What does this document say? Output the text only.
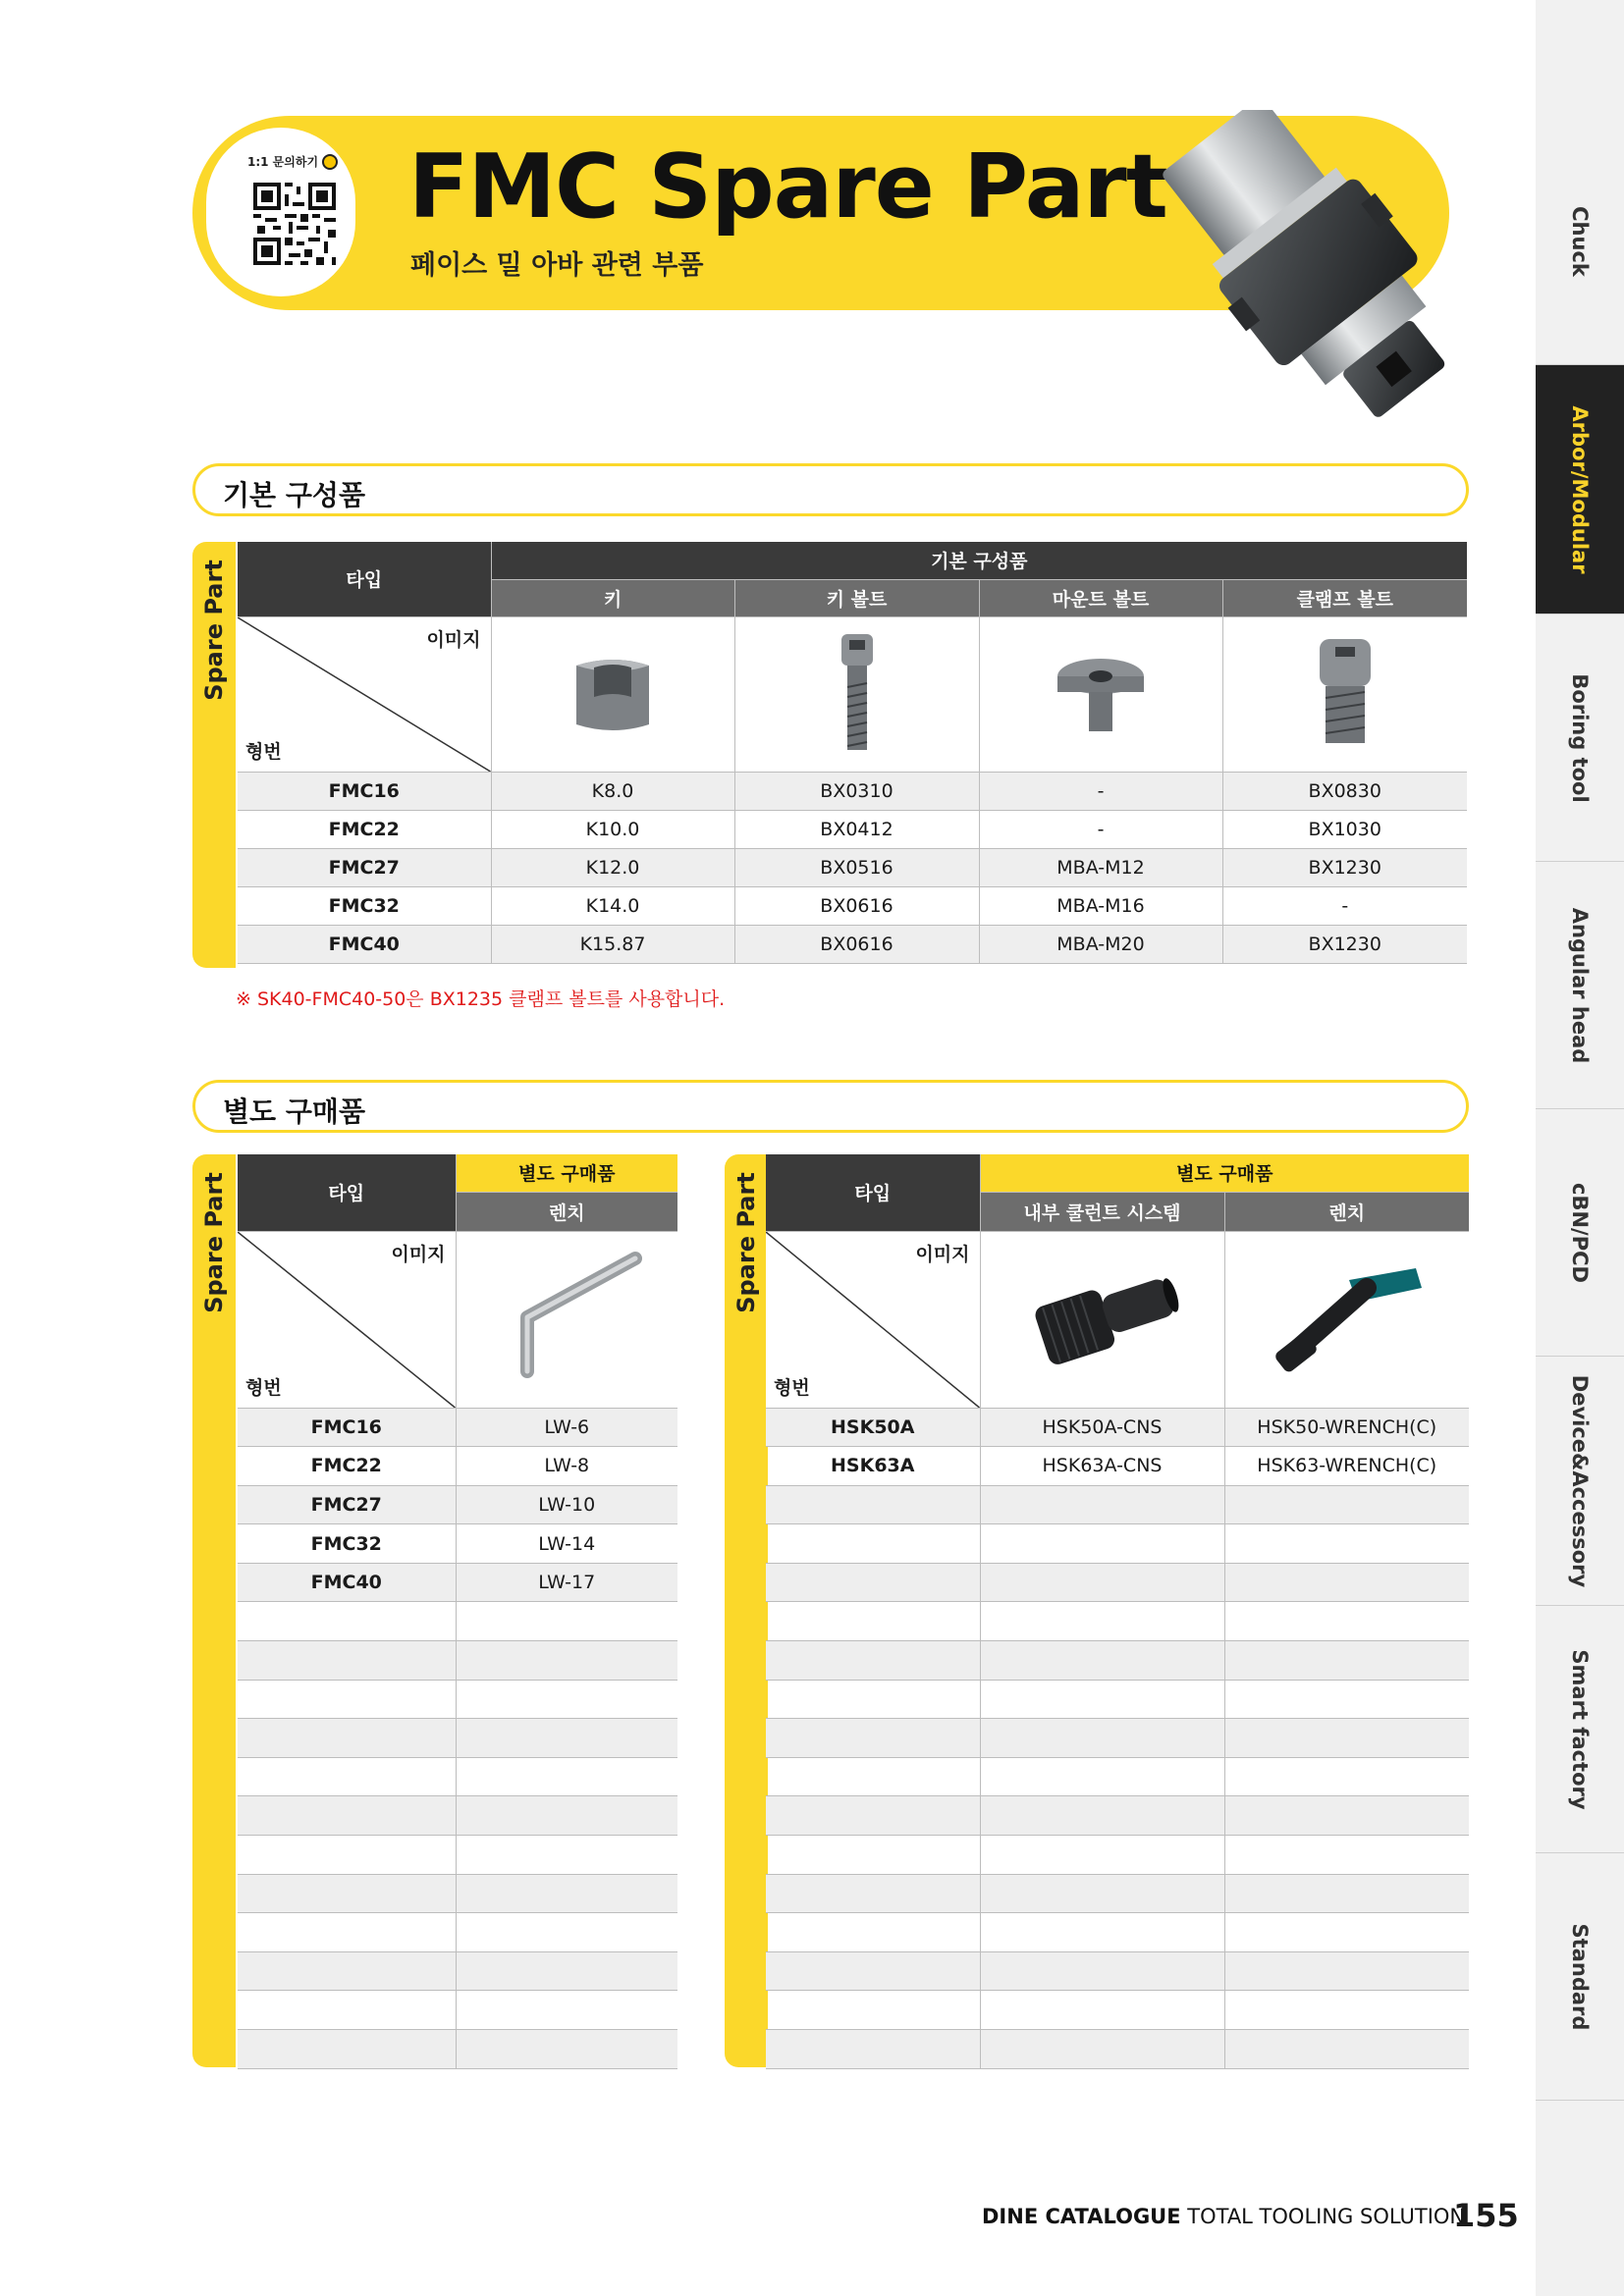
1:1 문의하기 FMC Spare Part
페이스 밀 아바 관련 부품	Chuck
Arbor/Modular
Boring tool
Angular head
cBN/PCD
Device&Accessory
Smart factory
Standard
기본 구성품
Spare Part	타입	기본 구성품			
	키	키 볼트	마운트 볼트	클램프 볼트

이미지
형번

FMC16	K8.0	BX0310	-	BX0830
FMC22	K10.0	BX0412	-	BX1030
FMC27	K12.0	BX0516	MBA-M12	BX1230
FMC32	K14.0	BX0616	MBA-M16	-
FMC40	K15.87	BX0616	MBA-M20	BX1230
※ SK40-FMC40-50은 BX1235 클램프 볼트를 사용합니다.
별도 구매품
Spare Part	타입	별도 구매품
	렌치

이미지
형번

FMC16	LW-6
FMC22	LW-8
FMC27	LW-10
FMC32	LW-14
FMC40	LW-17

Spare Part	타입	별도 구매품	
	내부 쿨런트 시스템	렌치

이미지
형번

HSK50A	HSK50A-CNS	HSK50-WRENCH(C)
HSK63A	HSK63A-CNS	HSK63-WRENCH(C)

DINE CATALOGUE TOTAL TOOLING SOLUTION
155
